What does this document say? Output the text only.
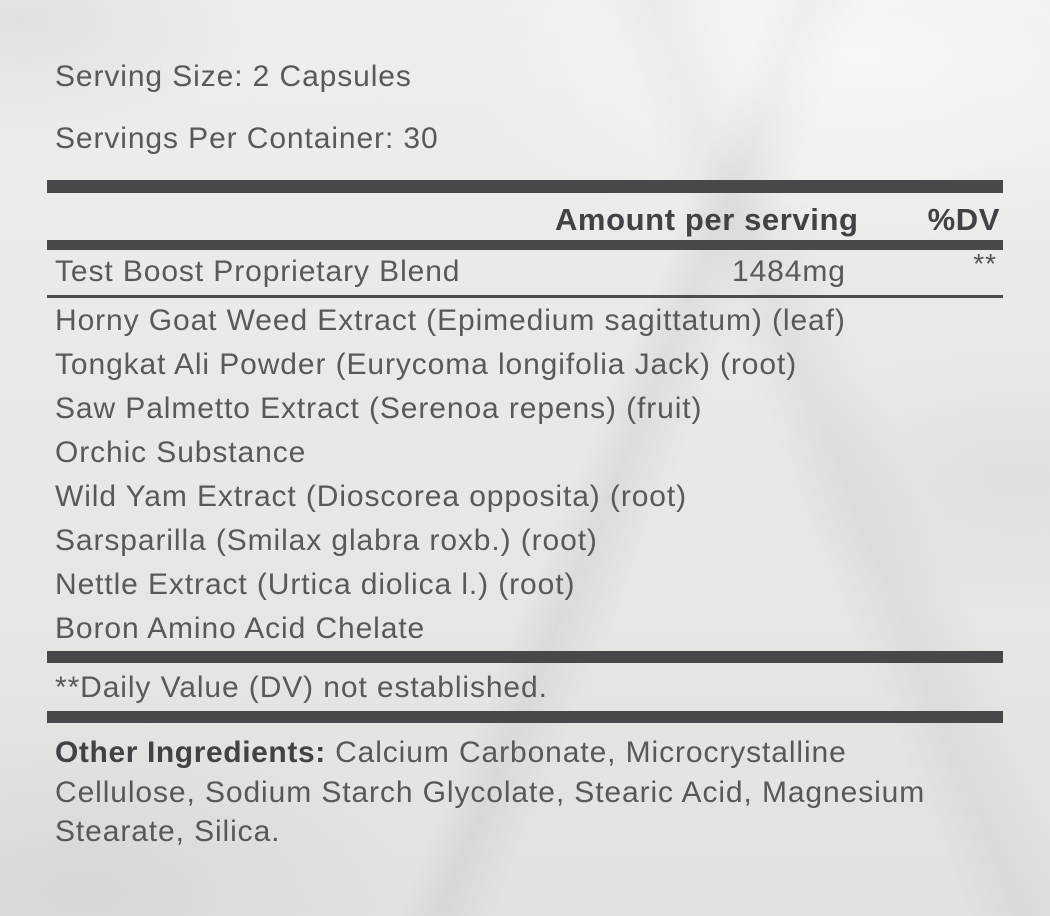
Serving Size: 2 Capsules
Servings Per Container: 30
Amount per serving %DV
Test Boost Proprietary Blend	1484mg	**
Horny Goat Weed Extract (Epimedium sagittatum) (leaf)
Tongkat Ali Powder (Eurycoma longifolia Jack) (root)
Saw Palmetto Extract (Serenoa repens) (fruit)
Orchic Substance
Wild Yam Extract (Dioscorea opposita) (root)
Sarsparilla (Smilax glabra roxb.) (root)
Nettle Extract (Urtica diolica l.) (root)
Boron Amino Acid Chelate
**Daily Value (DV) not established.
Other Ingredients: Calcium Carbonate, Microcrystalline Cellulose, Sodium Starch Glycolate, Stearic Acid, Magnesium Stearate, Silica.
